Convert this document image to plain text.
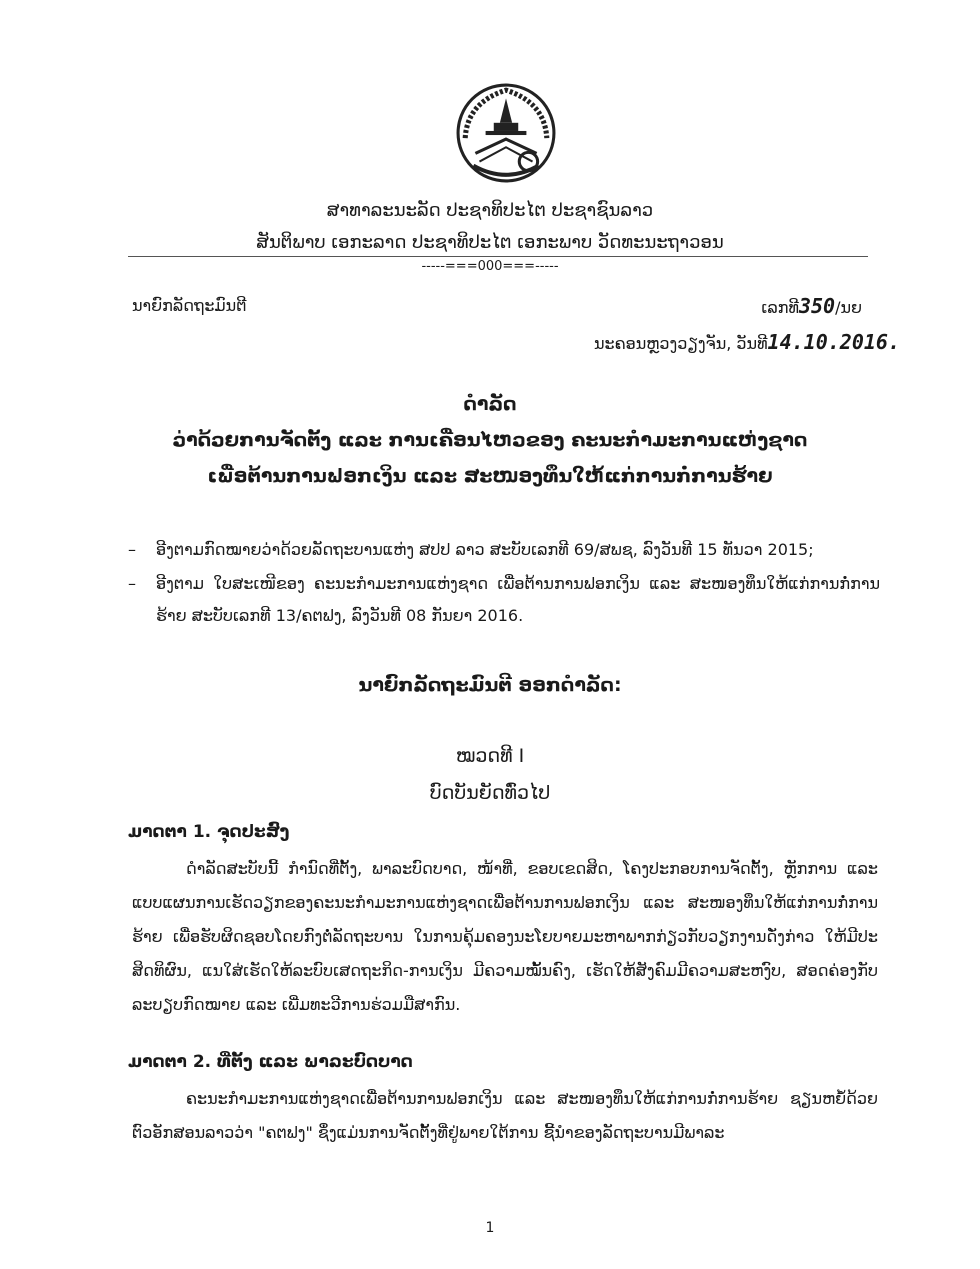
ສາທາລະນະລັດ ປະຊາທິປະໄຕ ປະຊາຊົນລາວ
ສັນຕິພາບ ເອກະລາດ ປະຊາທິປະໄຕ ເອກະພາບ ວັດທະນະຖາວອນ
-----===000===-----
ນາຍົກລັດຖະມົນຕີ	ເລກທີ350/ນຍ
ນະຄອນຫຼວງວຽງຈັນ, ວັນທີ14.10.2016.
ດຳລັດ
ວ່າດ້ວຍການຈັດຕັ້ງ ແລະ ການເຄື່ອນໄຫວຂອງ ຄະນະກຳມະການແຫ່ງຊາດ
ເພື່ອຕ້ານການຟອກເງິນ ແລະ ສະໜອງທຶນໃຫ້ແກ່ການກໍ່ການຮ້າຍ
– ອີງຕາມກົດໝາຍວ່າດ້ວຍລັດຖະບານແຫ່ງ ສປປ ລາວ ສະບັບເລກທີ 69/ສພຊ, ລົງວັນທີ 15 ທັນວາ 2015;
– ອີງຕາມ ໃບສະເໜີຂອງ ຄະນະກຳມະການແຫ່ງຊາດ ເພື່ອຕ້ານການຟອກເງິນ ແລະ ສະໜອງທຶນໃຫ້ແກ່ການກໍ່ການຮ້າຍ ສະບັບເລກທີ 13/ຄຕຟງ, ລົງວັນທີ 08 ກັນຍາ 2016.
ນາຍົກລັດຖະມົນຕີ ອອກດຳລັດ:
ໝວດທີ I
ບົດບັນຍັດທົ່ວໄປ
ມາດຕາ 1. ຈຸດປະສົງ
ດຳລັດສະບັບນີ້ ກຳນົດທີ່ຕັ້ງ, ພາລະບົດບາດ, ໜ້າທີ່, ຂອບເຂດສິດ, ໂຄງປະກອບການຈັດຕັ້ງ, ຫຼັກການ ແລະ ແບບແຜນການເຮັດວຽກຂອງຄະນະກຳມະການແຫ່ງຊາດເພື່ອຕ້ານການຟອກເງິນ ແລະ ສະໜອງທຶນໃຫ້ແກ່ການກໍ່ການຮ້າຍ ເພື່ອຮັບຜິດຊອບໂດຍກົງຕໍ່ລັດຖະບານ ໃນການຄຸ້ມຄອງນະໂຍບາຍມະຫາພາກກ່ຽວກັບວຽກງານດັ່ງກ່າວ ໃຫ້ມີປະສິດທິຜົນ, ແນໃສ່ເຮັດໃຫ້ລະບົບເສດຖະກິດ-ການເງິນ ມີຄວາມໝັ້ນຄົງ, ເຮັດໃຫ້ສັງຄົມມີຄວາມສະຫງົບ, ສອດຄ່ອງກັບລະບຽບກົດໝາຍ ແລະ ເພີ່ມທະວີການຮ່ວມມືສາກົນ.
ມາດຕາ 2. ທີ່ຕັ້ງ ແລະ ພາລະບົດບາດ
ຄະນະກຳມະການແຫ່ງຊາດເພື່ອຕ້ານການຟອກເງິນ ແລະ ສະໜອງທຶນໃຫ້ແກ່ການກໍ່ການຮ້າຍ ຊຽນຫຍໍ້ດ້ວຍຕົວອັກສອນລາວວ່າ "ຄຕຟງ" ຊຶ່ງແມ່ນການຈັດຕັ້ງທີ່ຢູ່ພາຍໃຕ້ການ ຊີ້ນຳຂອງລັດຖະບານມີພາລະ
1
